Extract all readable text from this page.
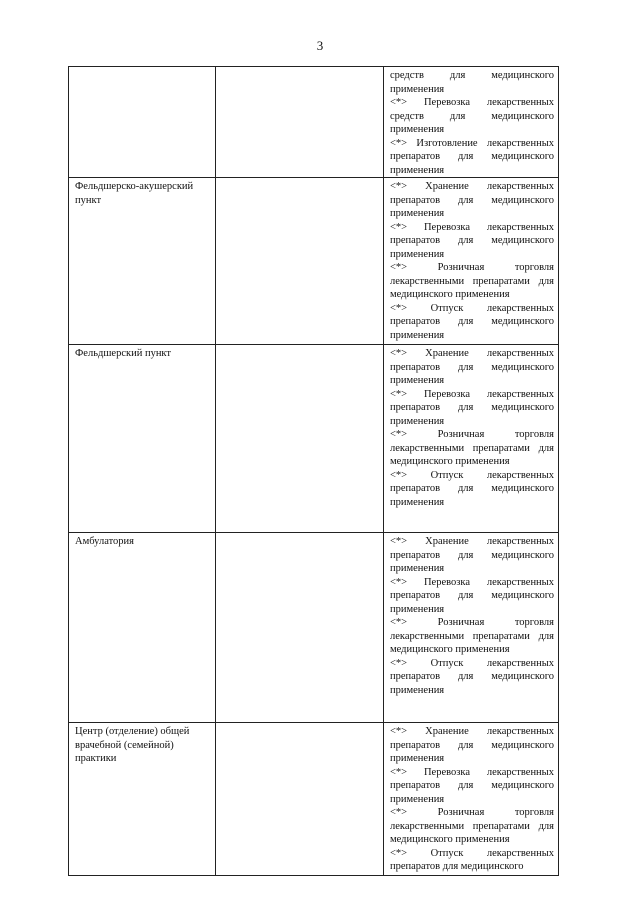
3

		средств для медицинского применения

<*> Перевозка лекарственных средств для медицинского применения

<*> Изготовление лекарственных препаратов для медицинского применения

Фельдшерско-акушерский пункт		<*> Хранение лекарственных препаратов для медицинского применения

<*> Перевозка лекарственных препаратов для медицинского применения

<*> Розничная торговля лекарственными препаратами для медицинского применения

<*> Отпуск лекарственных препаратов для медицинского применения

Фельдшерский пункт		<*> Хранение лекарственных препаратов для медицинского применения

<*> Перевозка лекарственных препаратов для медицинского применения

<*> Розничная торговля лекарственными препаратами для медицинского применения

<*> Отпуск лекарственных препаратов для медицинского применения

Амбулатория		<*> Хранение лекарственных препаратов для медицинского применения

<*> Перевозка лекарственных препаратов для медицинского применения

<*> Розничная торговля лекарственными препаратами для медицинского применения

<*> Отпуск лекарственных препаратов для медицинского применения

Центр (отделение) общей врачебной (семейной) практики		<*> Хранение лекарственных препаратов для медицинского применения

<*> Перевозка лекарственных препаратов для медицинского применения

<*> Розничная торговля лекарственными препаратами для медицинского применения

<*> Отпуск лекарственных препаратов для медицинского
